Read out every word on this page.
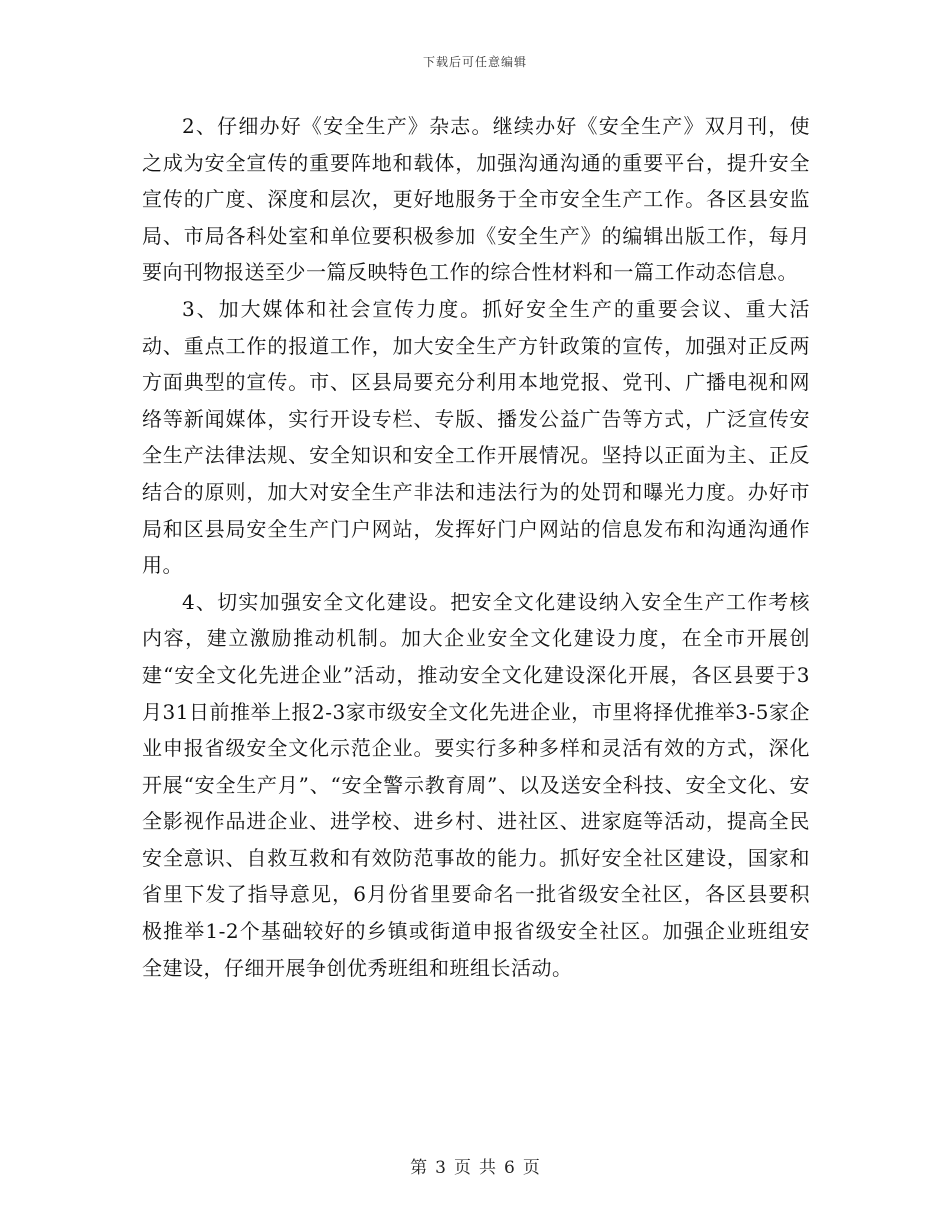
下载后可任意编辑

2、仔细办好《安全生产》杂志。继续办好《安全生产》双月刊，使之成为安全宣传的重要阵地和载体，加强沟通沟通的重要平台，提升安全宣传的广度、深度和层次，更好地服务于全市安全生产工作。各区县安监局、市局各科处室和单位要积极参加《安全生产》的编辑出版工作，每月要向刊物报送至少一篇反映特色工作的综合性材料和一篇工作动态信息。

3、加大媒体和社会宣传力度。抓好安全生产的重要会议、重大活动、重点工作的报道工作，加大安全生产方针政策的宣传，加强对正反两方面典型的宣传。市、区县局要充分利用本地党报、党刊、广播电视和网络等新闻媒体，实行开设专栏、专版、播发公益广告等方式，广泛宣传安全生产法律法规、安全知识和安全工作开展情况。坚持以正面为主、正反结合的原则，加大对安全生产非法和违法行为的处罚和曝光力度。办好市局和区县局安全生产门户网站，发挥好门户网站的信息发布和沟通沟通作用。

4、切实加强安全文化建设。把安全文化建设纳入安全生产工作考核内容，建立激励推动机制。加大企业安全文化建设力度，在全市开展创建“安全文化先进企业”活动，推动安全文化建设深化开展，各区县要于3月31日前推举上报2-3家市级安全文化先进企业，市里将择优推举3-5家企业申报省级安全文化示范企业。要实行多种多样和灵活有效的方式，深化开展“安全生产月”、“安全警示教育周”、以及送安全科技、安全文化、安全影视作品进企业、进学校、进乡村、进社区、进家庭等活动，提高全民安全意识、自救互救和有效防范事故的能力。抓好安全社区建设，国家和省里下发了指导意见，6月份省里要命名一批省级安全社区，各区县要积极推举1-2个基础较好的乡镇或街道申报省级安全社区。加强企业班组安全建设，仔细开展争创优秀班组和班组长活动。

第 3 页 共 6 页
